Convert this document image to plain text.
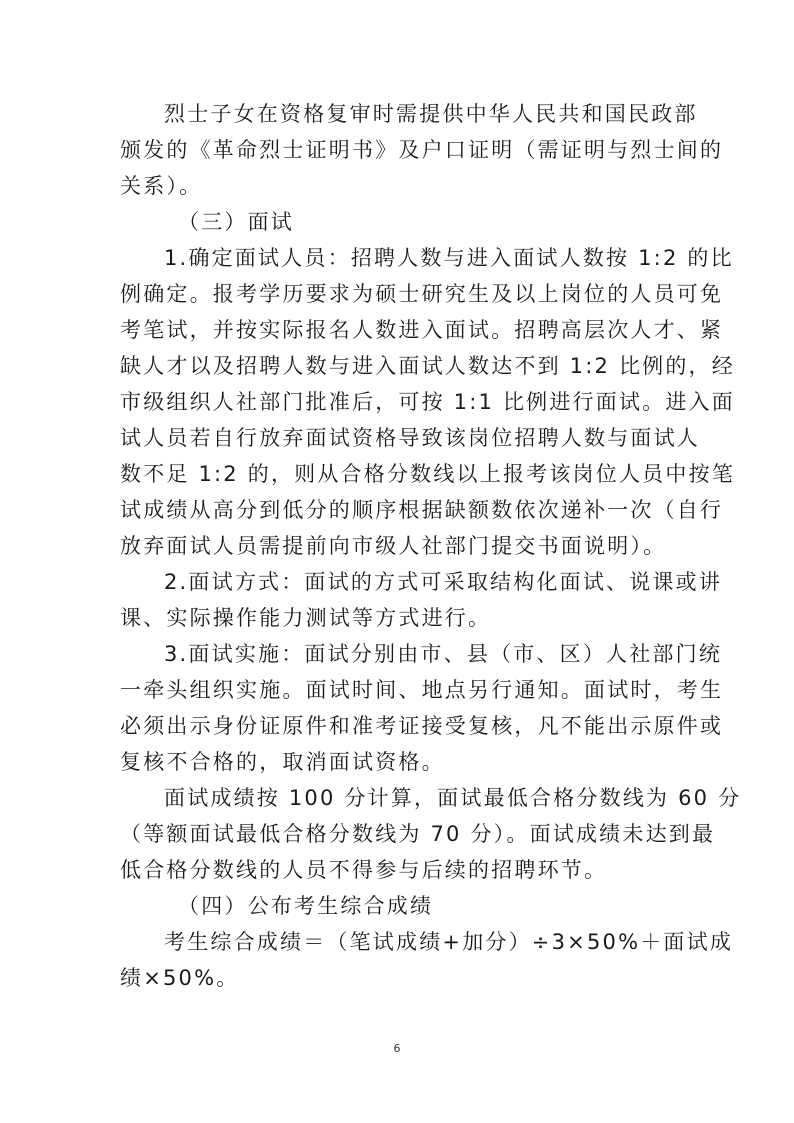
烈士子女在资格复审时需提供中华人民共和国民政部
颁发的《革命烈士证明书》及户口证明（需证明与烈士间的
关系）。
（三）面试
1.确定面试人员：招聘人数与进入面试人数按 1:2 的比
例确定。报考学历要求为硕士研究生及以上岗位的人员可免
考笔试，并按实际报名人数进入面试。招聘高层次人才、紧
缺人才以及招聘人数与进入面试人数达不到 1:2 比例的，经
市级组织人社部门批准后，可按 1:1 比例进行面试。进入面
试人员若自行放弃面试资格导致该岗位招聘人数与面试人
数不足 1:2 的，则从合格分数线以上报考该岗位人员中按笔
试成绩从高分到低分的顺序根据缺额数依次递补一次（自行
放弃面试人员需提前向市级人社部门提交书面说明）。
2.面试方式：面试的方式可采取结构化面试、说课或讲
课、实际操作能力测试等方式进行。
3.面试实施：面试分别由市、县（市、区）人社部门统
一牵头组织实施。面试时间、地点另行通知。面试时，考生
必须出示身份证原件和准考证接受复核，凡不能出示原件或
复核不合格的，取消面试资格。
面试成绩按 100 分计算，面试最低合格分数线为 60 分
（等额面试最低合格分数线为 70 分）。面试成绩未达到最
低合格分数线的人员不得参与后续的招聘环节。
（四）公布考生综合成绩
考生综合成绩＝（笔试成绩+加分）÷3×50%＋面试成
绩×50%。
6
